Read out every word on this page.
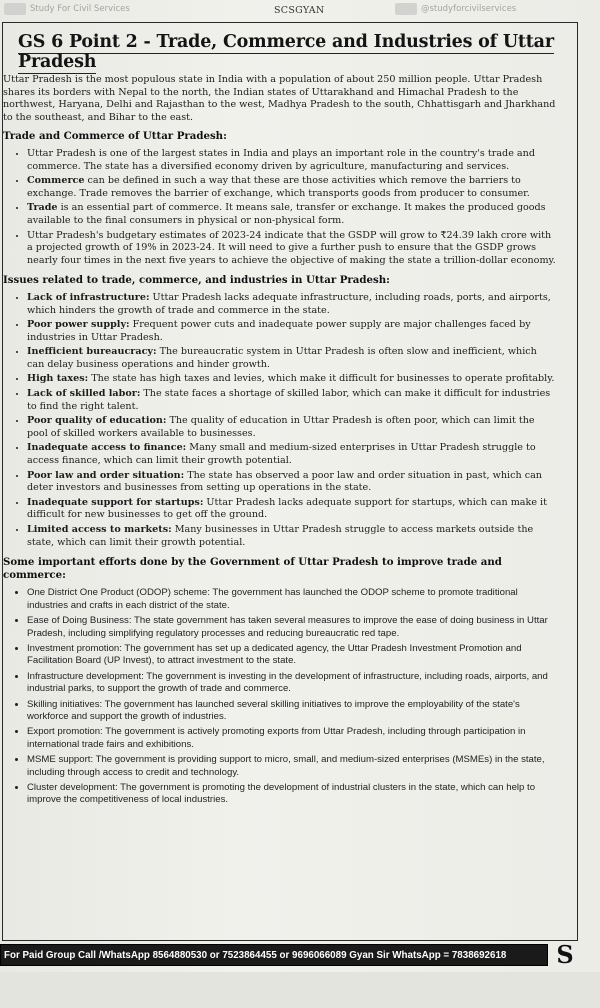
Study For Civil Services	SCSGYAN	@studyforcivilservices
GS 6 Point 2 - Trade, Commerce and Industries of Uttar Pradesh

Uttar Pradesh is the most populous state in India with a population of about 250 million people. Uttar Pradesh shares its borders with Nepal to the north, the Indian states of Uttarakhand and Himachal Pradesh to the northwest, Haryana, Delhi and Rajasthan to the west, Madhya Pradesh to the south, Chhattisgarh and Jharkhand to the southeast, and Bihar to the east.

Trade and Commerce of Uttar Pradesh:
• Uttar Pradesh is one of the largest states in India and plays an important role in the country's trade and commerce. The state has a diversified economy driven by agriculture, manufacturing and services.
• Commerce can be defined in such a way that these are those activities which remove the barriers to exchange. Trade removes the barrier of exchange, which transports goods from producer to consumer.
• Trade is an essential part of commerce. It means sale, transfer or exchange. It makes the produced goods available to the final consumers in physical or non-physical form.
• Uttar Pradesh's budgetary estimates of 2023-24 indicate that the GSDP will grow to ₹24.39 lakh crore with a projected growth of 19% in 2023-24. It will need to give a further push to ensure that the GSDP grows nearly four times in the next five years to achieve the objective of making the state a trillion-dollar economy.
Issues related to trade, commerce, and industries in Uttar Pradesh:
• Lack of infrastructure: Uttar Pradesh lacks adequate infrastructure, including roads, ports, and airports, which hinders the growth of trade and commerce in the state.
• Poor power supply: Frequent power cuts and inadequate power supply are major challenges faced by industries in Uttar Pradesh.
• Inefficient bureaucracy: The bureaucratic system in Uttar Pradesh is often slow and inefficient, which can delay business operations and hinder growth.
• High taxes: The state has high taxes and levies, which make it difficult for businesses to operate profitably.
• Lack of skilled labor: The state faces a shortage of skilled labor, which can make it difficult for industries to find the right talent.
• Poor quality of education: The quality of education in Uttar Pradesh is often poor, which can limit the pool of skilled workers available to businesses.
• Inadequate access to finance: Many small and medium-sized enterprises in Uttar Pradesh struggle to access finance, which can limit their growth potential.
• Poor law and order situation: The state has observed a poor law and order situation in past, which can deter investors and businesses from setting up operations in the state.
• Inadequate support for startups: Uttar Pradesh lacks adequate support for startups, which can make it difficult for new businesses to get off the ground.
• Limited access to markets: Many businesses in Uttar Pradesh struggle to access markets outside the state, which can limit their growth potential.
Some important efforts done by the Government of Uttar Pradesh to improve trade and commerce:
• One District One Product (ODOP) scheme: The government has launched the ODOP scheme to promote traditional industries and crafts in each district of the state.
• Ease of Doing Business: The state government has taken several measures to improve the ease of doing business in Uttar Pradesh, including simplifying regulatory processes and reducing bureaucratic red tape.
• Investment promotion: The government has set up a dedicated agency, the Uttar Pradesh Investment Promotion and Facilitation Board (UP Invest), to attract investment to the state.
• Infrastructure development: The government is investing in the development of infrastructure, including roads, airports, and industrial parks, to support the growth of trade and commerce.
• Skilling initiatives: The government has launched several skilling initiatives to improve the employability of the state's workforce and support the growth of industries.
• Export promotion: The government is actively promoting exports from Uttar Pradesh, including through participation in international trade fairs and exhibitions.
• MSME support: The government is providing support to micro, small, and medium-sized enterprises (MSMEs) in the state, including through access to credit and technology.
• Cluster development: The government is promoting the development of industrial clusters in the state, which can help to improve the competitiveness of local industries.
For Paid Group Call /WhatsApp 8564880530 or 7523864455 or 9696066089 Gyan Sir WhatsApp = 7838692618	S
